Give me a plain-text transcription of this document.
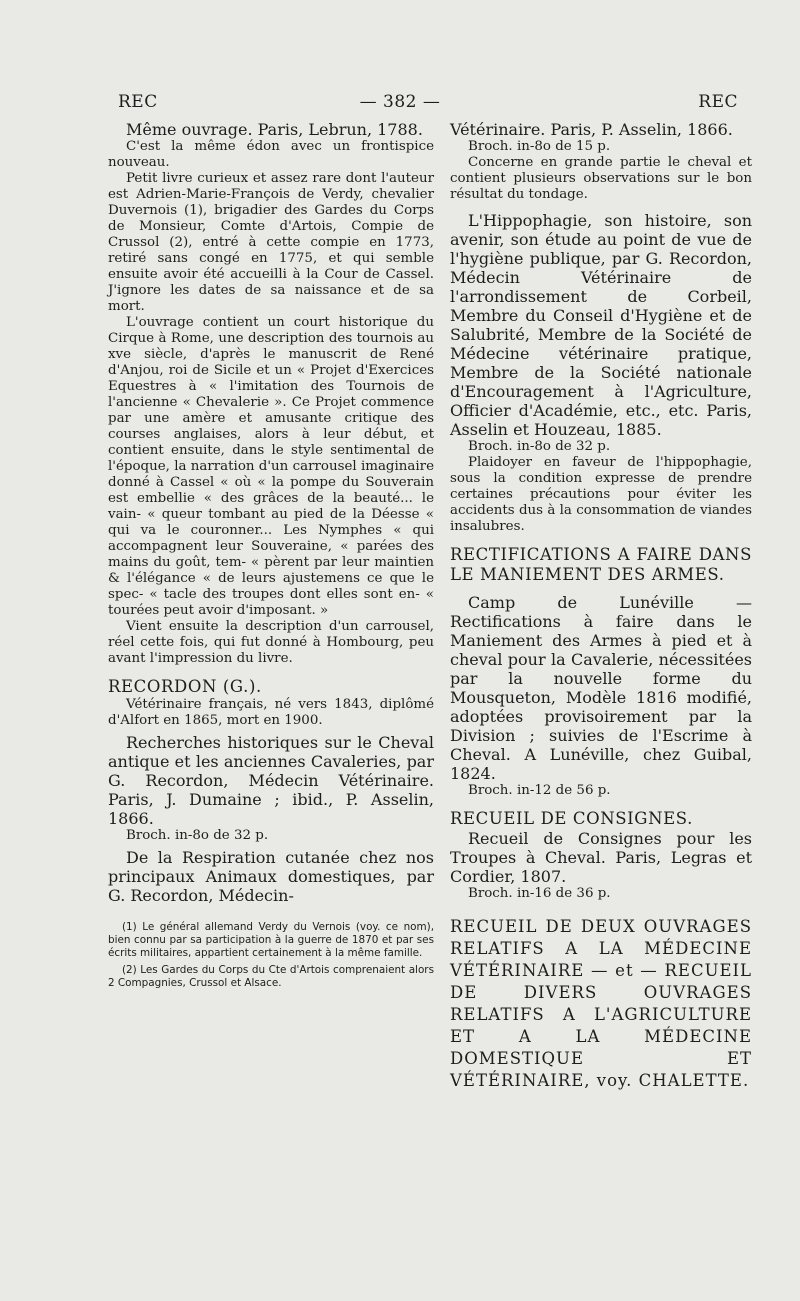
REC	— 382 —	REC

Même ouvrage. Paris, Lebrun, 1788.

C'est la même édon avec un frontispice nouveau.

Petit livre curieux et assez rare dont l'auteur est Adrien-Marie-François de Verdy, chevalier Duvernois (1), brigadier des Gardes du Corps de Monsieur, Comte d'Artois, Compie de Crussol (2), entré à cette compie en 1773, retiré sans congé en 1775, et qui semble ensuite avoir été accueilli à la Cour de Cassel. J'ignore les dates de sa naissance et de sa mort.

L'ouvrage contient un court historique du Cirque à Rome, une description des tournois au xve siècle, d'après le manuscrit de René d'Anjou, roi de Sicile et un « Projet d'Exercices Equestres à « l'imitation des Tournois de l'ancienne « Chevalerie ». Ce Projet commence par une amère et amusante critique des courses anglaises, alors à leur début, et contient ensuite, dans le style sentimental de l'époque, la narration d'un carrousel imaginaire donné à Cassel « où « la pompe du Souverain est embellie « des grâces de la beauté... le vain- « queur tombant au pied de la Déesse « qui va le couronner... Les Nymphes « qui accompagnent leur Souveraine, « parées des mains du goût, tem- « pèrent par leur maintien & l'élégance « de leurs ajustemens ce que le spec- « tacle des troupes dont elles sont en- « tourées peut avoir d'imposant. »

Vient ensuite la description d'un carrousel, réel cette fois, qui fut donné à Hombourg, peu avant l'impression du livre.

RECORDON (G.).

Vétérinaire français, né vers 1843, diplômé d'Alfort en 1865, mort en 1900.

Recherches historiques sur le Cheval antique et les anciennes Cavaleries, par G. Recordon, Médecin Vétérinaire. Paris, J. Dumaine ; ibid., P. Asselin, 1866.

Broch. in-8o de 32 p.

De la Respiration cutanée chez nos principaux Animaux domestiques, par G. Recordon, Médecin-

(1) Le général allemand Verdy du Vernois (voy. ce nom), bien connu par sa participation à la guerre de 1870 et par ses écrits militaires, appartient certainement à la même famille.

(2) Les Gardes du Corps du Cte d'Artois comprenaient alors 2 Compagnies, Crussol et Alsace.

Vétérinaire. Paris, P. Asselin, 1866.

Broch. in-8o de 15 p.

Concerne en grande partie le cheval et contient plusieurs observations sur le bon résultat du tondage.

L'Hippophagie, son histoire, son avenir, son étude au point de vue de l'hygiène publique, par G. Recordon, Médecin Vétérinaire de l'arrondissement de Corbeil, Membre du Conseil d'Hygiène et de Salubrité, Membre de la Société de Médecine vétérinaire pratique, Membre de la Société nationale d'Encouragement à l'Agriculture, Officier d'Académie, etc., etc. Paris, Asselin et Houzeau, 1885.

Broch. in-8o de 32 p.

Plaidoyer en faveur de l'hippophagie, sous la condition expresse de prendre certaines précautions pour éviter les accidents dus à la consommation de viandes insalubres.

RECTIFICATIONS A FAIRE DANS LE MANIEMENT DES ARMES.

Camp de Lunéville — Rectifications à faire dans le Maniement des Armes à pied et à cheval pour la Cavalerie, nécessitées par la nouvelle forme du Mousqueton, Modèle 1816 modifié, adoptées provisoirement par la Division ; suivies de l'Escrime à Cheval. A Lunéville, chez Guibal, 1824.

Broch. in-12 de 56 p.

RECUEIL DE CONSIGNES.

Recueil de Consignes pour les Troupes à Cheval. Paris, Legras et Cordier, 1807.

Broch. in-16 de 36 p.

RECUEIL DE DEUX OUVRAGES RELATIFS A LA MÉDECINE VÉTÉRINAIRE — et — RECUEIL DE DIVERS OUVRAGES RELATIFS A L'AGRICULTURE ET A LA MÉDECINE DOMESTIQUE ET VÉTÉRINAIRE, voy. CHALETTE.
